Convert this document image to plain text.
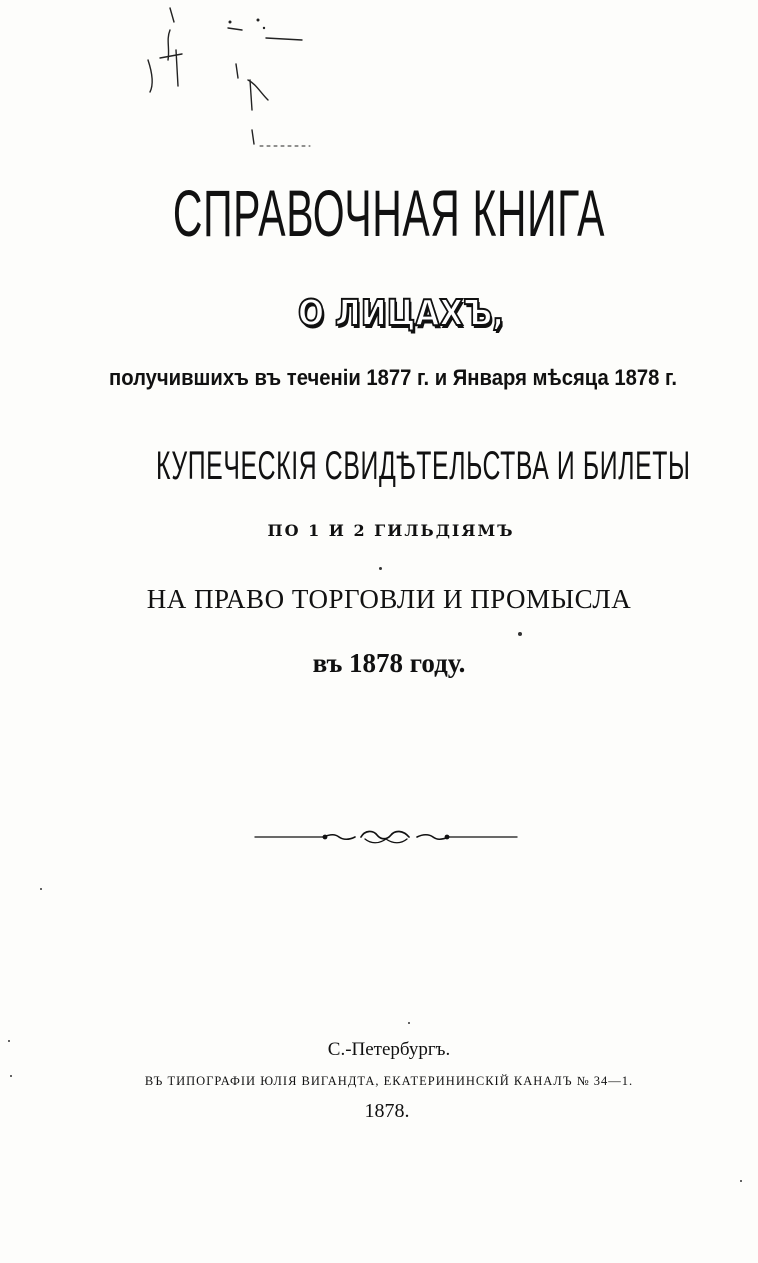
СПРАВОЧНАЯ КНИГА
О ЛИЦАХЪ,
получившихъ въ теченіи 1877 г. и Января мѣсяца 1878 г.
КУПЕЧЕСКІЯ СВИДѢТЕЛЬСТВА И БИЛЕТЫ
ПО 1 И 2 ГИЛЬДІЯМЪ
НА ПРАВО ТОРГОВЛИ И ПРОМЫСЛА
въ 1878 году.
С.-Петербургъ.
ВЪ ТИПОГРАФІИ ЮЛІЯ ВИГАНДТА, ЕКАТЕРИНИНСКІЙ КАНАЛЪ № 34—1.
1878.
